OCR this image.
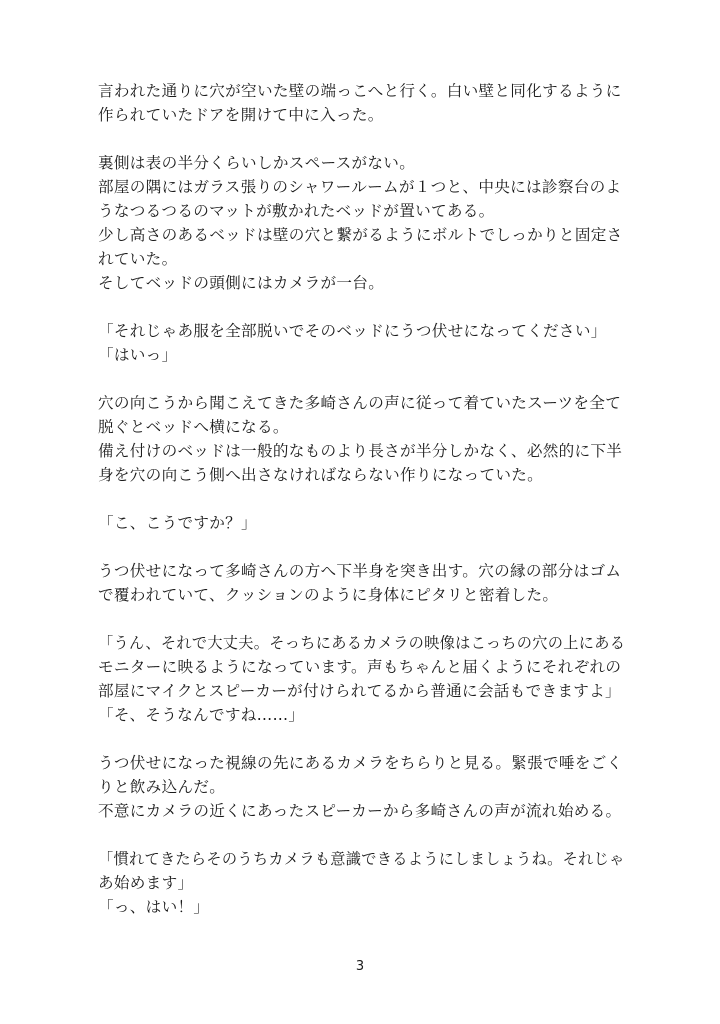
言われた通りに穴が空いた壁の端っこへと行く。白い壁と同化するように
作られていたドアを開けて中に入った。
裏側は表の半分くらいしかスペースがない。
部屋の隅にはガラス張りのシャワールームが１つと、中央には診察台のよ
うなつるつるのマットが敷かれたベッドが置いてある。
少し高さのあるベッドは壁の穴と繋がるようにボルトでしっかりと固定さ
れていた。
そしてベッドの頭側にはカメラが一台。
「それじゃあ服を全部脱いでそのベッドにうつ伏せになってください」
「はいっ」
穴の向こうから聞こえてきた多崎さんの声に従って着ていたスーツを全て
脱ぐとベッドへ横になる。
備え付けのベッドは一般的なものより長さが半分しかなく、必然的に下半
身を穴の向こう側へ出さなければならない作りになっていた。
「こ、こうですか？」
うつ伏せになって多崎さんの方へ下半身を突き出す。穴の縁の部分はゴム
で覆われていて、クッションのように身体にピタリと密着した。
「うん、それで大丈夫。そっちにあるカメラの映像はこっちの穴の上にある
モニターに映るようになっています。声もちゃんと届くようにそれぞれの
部屋にマイクとスピーカーが付けられてるから普通に会話もできますよ」
「そ、そうなんですね……」
うつ伏せになった視線の先にあるカメラをちらりと見る。緊張で唾をごく
りと飲み込んだ。
不意にカメラの近くにあったスピーカーから多崎さんの声が流れ始める。
「慣れてきたらそのうちカメラも意識できるようにしましょうね。それじゃ
あ始めます」
「っ、はい！」
3
